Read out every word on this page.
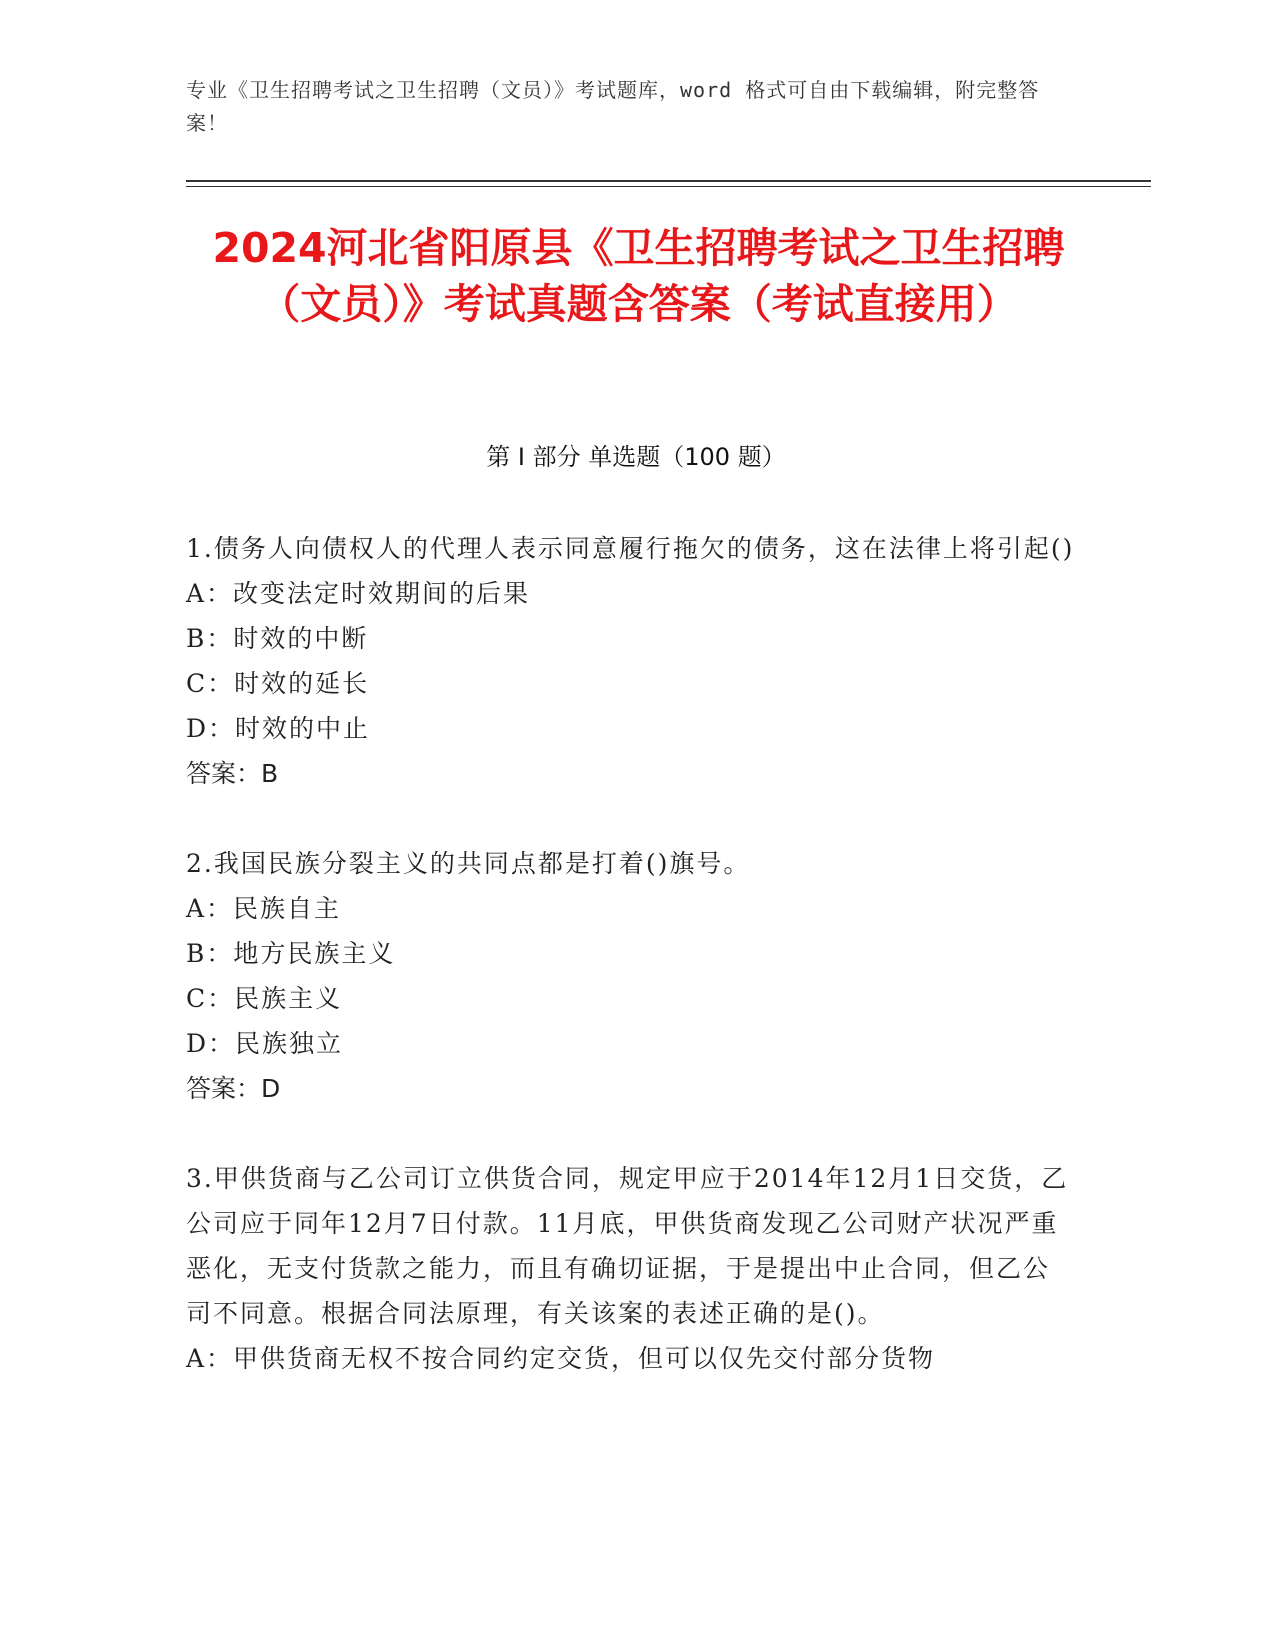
专业《卫生招聘考试之卫生招聘（文员）》考试题库，word 格式可自由下载编辑，附完整答案！
2024河北省阳原县《卫生招聘考试之卫生招聘（文员）》考试真题含答案（考试直接用）
第 I 部分 单选题（100 题）
1.债务人向债权人的代理人表示同意履行拖欠的债务，这在法律上将引起()
A：改变法定时效期间的后果
B：时效的中断
C：时效的延长
D：时效的中止
答案：B
2.我国民族分裂主义的共同点都是打着()旗号。
A：民族自主
B：地方民族主义
C：民族主义
D：民族独立
答案：D
3.甲供货商与乙公司订立供货合同，规定甲应于2014年12月1日交货，乙公司应于同年12月7日付款。11月底，甲供货商发现乙公司财产状况严重恶化，无支付货款之能力，而且有确切证据，于是提出中止合同，但乙公司不同意。根据合同法原理，有关该案的表述正确的是()。
A：甲供货商无权不按合同约定交货，但可以仅先交付部分货物
